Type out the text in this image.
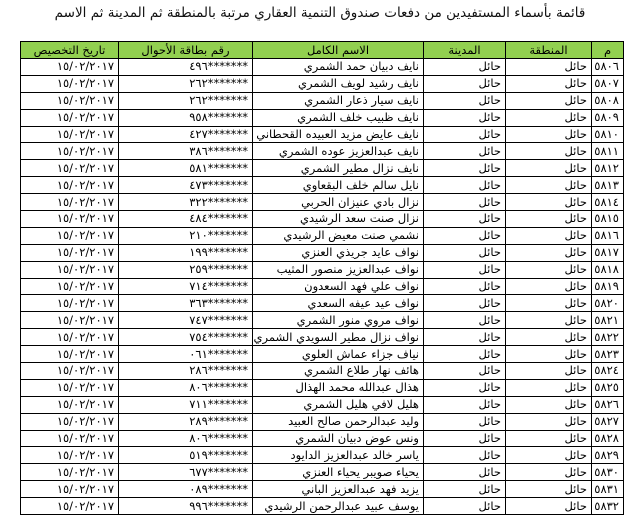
قائمة بأسماء المستفيدين من دفعات صندوق التنمية العقاري مرتبة بالمنطقة ثم المدينة ثم الاسم
م	المنطقة	المدينة	الاسم الكامل	رقم بطاقة الأحوال	تاريخ التخصيص
٥٨٠٦	حائل	حائل	نايف دبيان حمد الشمري	٤٩٦*******	١٥/٠٢/٢٠١٧
٥٨٠٧	حائل	حائل	نايف رشيد لويف الشمري	٢٦٢*******	١٥/٠٢/٢٠١٧
٥٨٠٨	حائل	حائل	نايف سيار ذعار الشمري	٢٦٢*******	١٥/٠٢/٢٠١٧
٥٨٠٩	حائل	حائل	نايف ظبيب خلف الشمري	٩٥٨*******	١٥/٠٢/٢٠١٧
٥٨١٠	حائل	حائل	نايف عايض مزيد العبيده القحطاني	٤٢٧*******	١٥/٠٢/٢٠١٧
٥٨١١	حائل	حائل	نايف عبدالعزيز عوده الشمري	٣٨٦*******	١٥/٠٢/٢٠١٧
٥٨١٢	حائل	حائل	نايف نزال مطير الشمري	٥٨١*******	١٥/٠٢/٢٠١٧
٥٨١٣	حائل	حائل	نايل سالم خلف البقعاوي	٤٧٣*******	١٥/٠٢/٢٠١٧
٥٨١٤	حائل	حائل	نزال بادي عنيزان الحربي	٣٢٢*******	١٥/٠٢/٢٠١٧
٥٨١٥	حائل	حائل	نزال صنت سعد الرشيدي	٤٨٤*******	١٥/٠٢/٢٠١٧
٥٨١٦	حائل	حائل	نشمي صنت معيض الرشيدي	٢١٠*******	١٥/٠٢/٢٠١٧
٥٨١٧	حائل	حائل	نواف عايد جريذي العنزي	١٩٩*******	١٥/٠٢/٢٠١٧
٥٨١٨	حائل	حائل	نواف عبدالعزيز منصور المثيب	٢٥٩*******	١٥/٠٢/٢٠١٧
٥٨١٩	حائل	حائل	نواف علي فهد السعدون	٧١٤*******	١٥/٠٢/٢٠١٧
٥٨٢٠	حائل	حائل	نواف عيد عيفه السعدي	٣٦٣*******	١٥/٠٢/٢٠١٧
٥٨٢١	حائل	حائل	نواف مروي منور الشمري	٧٤٧*******	١٥/٠٢/٢٠١٧
٥٨٢٢	حائل	حائل	نواف نزال مطير السويدي الشمري	٧٥٤*******	١٥/٠٢/٢٠١٧
٥٨٢٣	حائل	حائل	نياف جزاء عماش العلوي	٠٦١*******	١٥/٠٢/٢٠١٧
٥٨٢٤	حائل	حائل	هائف نهار طلاع الشمري	٢٨٦*******	١٥/٠٢/٢٠١٧
٥٨٢٥	حائل	حائل	هذال عبدالله محمد الهذال	٨٠٦*******	١٥/٠٢/٢٠١٧
٥٨٢٦	حائل	حائل	هليل لافي هليل الشمري	٧١١*******	١٥/٠٢/٢٠١٧
٥٨٢٧	حائل	حائل	وليد عبدالرحمن صالح العبيد	٢٨٩*******	١٥/٠٢/٢٠١٧
٥٨٢٨	حائل	حائل	ونس عوض دبيان الشمري	٨٠٦*******	١٥/٠٢/٢٠١٧
٥٨٢٩	حائل	حائل	ياسر خالد عبدالعزيز الدايود	٥١٩*******	١٥/٠٢/٢٠١٧
٥٨٣٠	حائل	حائل	يحياء صويبر يحياء العنزي	٦٧٧*******	١٥/٠٢/٢٠١٧
٥٨٣١	حائل	حائل	يزيد فهد عبدالعزيز الباني	٠٨٩*******	١٥/٠٢/٢٠١٧
٥٨٣٢	حائل	حائل	يوسف عبيد عبدالرحمن الرشيدي	٩٩٦*******	١٥/٠٢/٢٠١٧
